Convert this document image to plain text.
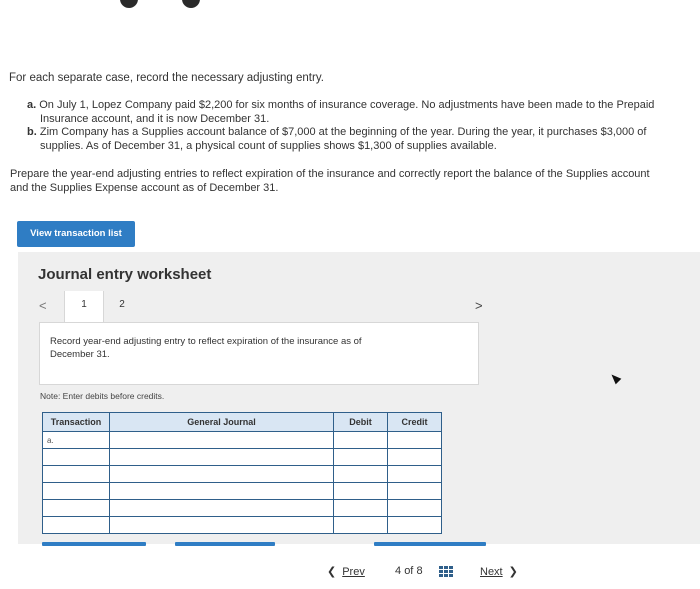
For each separate case, record the necessary adjusting entry.
a. On July 1, Lopez Company paid $2,200 for six months of insurance coverage. No adjustments have been made to the Prepaid
Insurance account, and it is now December 31.
b. Zim Company has a Supplies account balance of $7,000 at the beginning of the year. During the year, it purchases $3,000 of
supplies. As of December 31, a physical count of supplies shows $1,300 of supplies available.
Prepare the year-end adjusting entries to reflect expiration of the insurance and correctly report the balance of the Supplies account
and the Supplies Expense account as of December 31.
View transaction list
Journal entry worksheet
<	1	2	>
Record year-end adjusting entry to reflect expiration of the insurance as of
December 31.
Note: Enter debits before credits.
Transaction	General Journal	Debit	Credit
a.			

❮ Prev	4 of 8	Next ❯
